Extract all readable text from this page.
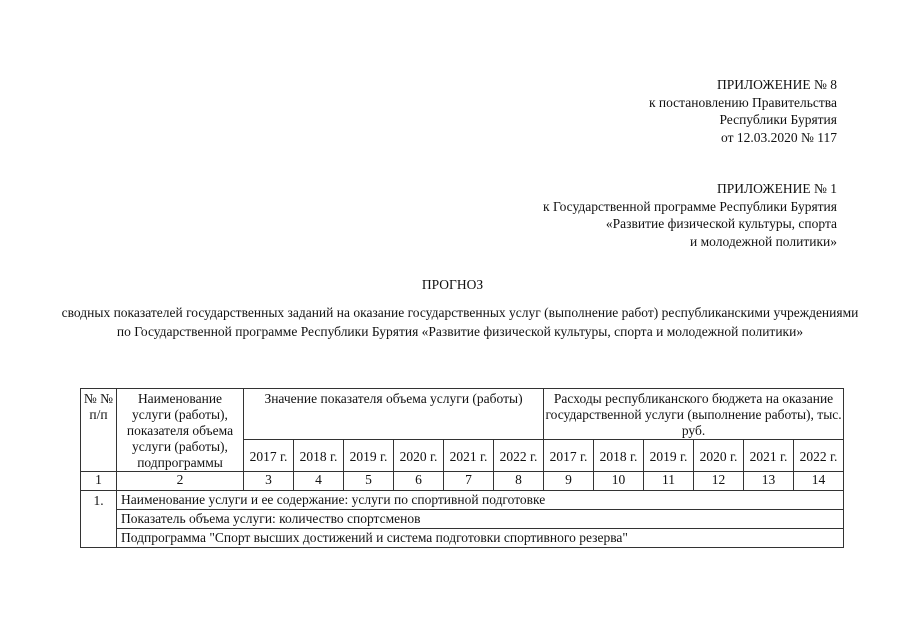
ПРИЛОЖЕНИЕ № 8
к постановлению Правительства
Республики Бурятия
от 12.03.2020 № 117
ПРИЛОЖЕНИЕ № 1
к Государственной программе Республики Бурятия
«Развитие физической культуры, спорта
и молодежной политики»
ПРОГНОЗ
сводных показателей государственных заданий на оказание государственных услуг (выполнение работ) республиканскими учреждениями по Государственной программе Республики Бурятия «Развитие физической культуры, спорта и молодежной политики»
№ № п/п	Наименование услуги (работы), показателя объема услуги (работы), подпрограммы	Значение показателя объема услуги (работы)						Расходы республиканского бюджета на оказание государственной услуги (выполнение работы), тыс. руб.					
		2017 г.	2018 г.	2019 г.	2020 г.	2021 г.	2022 г.	2017 г.	2018 г.	2019 г.	2020 г.	2021 г.	2022 г.
1	2	3	4	5	6	7	8	9	10	11	12	13	14
1.	Наименование услуги и ее содержание: услуги по спортивной подготовке												
	Показатель объема услуги: количество спортсменов												
	Подпрограмма "Спорт высших достижений и система подготовки спортивного резерва"												
